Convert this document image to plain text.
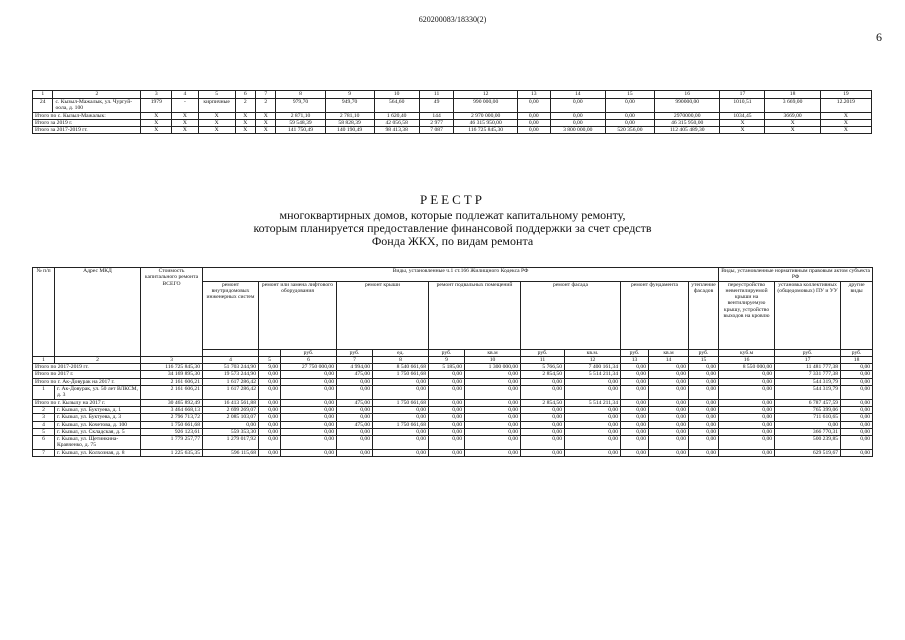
620200083/18330(2)
6
1	2	3	4	5	6	7	8	9	10	11	12	13	14	15	16	17	18	19
24	с. Кызыл-Мажалык, ул. Чургуй-оола, д. 100	1979	-	кирпичные	2	2	979,70	949,70	564,60	49	990 000,00	0,00	0,00	0,00	990000,00	1010,51	3 669,00	12.2019
Итого по с. Кызыл-Мажалык:		X	X	X	X	X	2 871,10	2 781,10	1 620,40	144	2 970 000,00	0,00	0,00	0,00	2970000,00	1034,45	3669,00	X
Итого за 2019 г.		X	X	X	X	X	59 548,39	58 828,39	42 056,58	2 977	46 315 950,00	0,00	0,00	0,00	46 315 950,00	X	X	X
Итого за 2017-2019 гг.		X	X	X	X	X	141 750,49	140 190,49	98 413,38	7 087	116 725 845,30	0,00	3 800 000,00	520 356,00	112 405 489,30	X	X	X
РЕЕСТР
многоквартирных домов, которые подлежат капитальному ремонту,
которым планируется предоставление финансовой поддержки за счет средств
Фонда ЖКХ, по видам ремонта
№ п/п	Адрес МКД	Стоимость капитального ремонта ВСЕГО	Виды, установленные ч.1 ст.166 Жилищного Кодекса РФ												Виды, установленные нормативным правовым актом субъекта РФ			
			ремонт внутридомовых инженерных систем	ремонт или замена лифтового оборудования		ремонт крыши		ремонт подвальных помещений		ремонт фасада		ремонт фундамента		утепление фасадов	переустройство невентилируемой крыши на вентилируемую крышу, устройство выходов на кровлю	установка коллективных (общедомовых) ПУ и УУ	другие виды	
					руб.	руб.	ед.	руб.	кв.м	руб.	кв.м.	руб.	кв.м	руб.	куб.м	руб.	руб.			
1	2	3	4	5	6	7	8	9	10	11	12	13	14	15	16	17	18	
Итого по 2017-2019 гг.		116 725 845,30	51 703 244,90	9,00	27 750 000,00	4 994,00	8 540 661,68	5 185,00	1 300 000,00	5 766,50	7 400 161,34	0,00	0,00	0,00	8 550 000,00	11 481 777,38	0,00	
Итого по 2017 г.		34 169 895,30	19 573 244,90	0,00	0,00	475,00	1 750 661,68	0,00	0,00	2 854,50	5 514 211,34	0,00	0,00	0,00	0,00	7 331 777,38	0,00	
Итого по г. Ак-Довурак на 2017 г.		2 161 606,21	1 617 286,42	0,00	0,00	0,00	0,00	0,00	0,00	0,00	0,00	0,00	0,00	0,00	0,00	544 319,79	0,00	
1	г. Ак-Довурак, ул. 50 лет ВЛКСМ, д. 3	2 161 606,21	1 617 286,42	0,00	0,00	0,00	0,00	0,00	0,00	0,00	0,00	0,00	0,00	0,00	0,00	544 319,79	0,00	
Итого по г. Кызылу на 2017 г.		30 465 892,49	16 413 561,88	0,00	0,00	475,00	1 750 661,68	0,00	0,00	2 854,50	5 514 211,34	0,00	0,00	0,00	0,00	6 787 457,59	0,00	
2	г. Кызыл, ул. Буктуева, д. 1	3 464 668,13	2 699 269,07	0,00	0,00	0,00	0,00	0,00	0,00	0,00	0,00	0,00	0,00	0,00	0,00	765 399,06	0,00	
3	г. Кызыл, ул. Буктуева, д. 3	2 796 713,72	2 085 103,07	0,00	0,00	0,00	0,00	0,00	0,00	0,00	0,00	0,00	0,00	0,00	0,00	711 610,65	0,00	
4	г. Кызыл, ул. Кочетова, д. 100	1 750 661,68	0,00	0,00	0,00	475,00	1 750 661,68	0,00	0,00	0,00	0,00	0,00	0,00	0,00	0,00	0,00	0,00	
5	г. Кызыл, ул. Складская, д. 5	926 123,61	559 353,30	0,00	0,00	0,00	0,00	0,00	0,00	0,00	0,00	0,00	0,00	0,00	0,00	366 770,31	0,00	
6	г. Кызыл, ул. Щетинкина-Кравченко, д. 75	1 779 257,77	1 279 017,92	0,00	0,00	0,00	0,00	0,00	0,00	0,00	0,00	0,00	0,00	0,00	0,00	500 239,85	0,00	
7	г. Кызыл, ул. Колхозная, д. 8	1 225 635,35	596 115,68	0,00	0,00	0,00	0,00	0,00	0,00	0,00	0,00	0,00	0,00	0,00	0,00	629 519,67	0,00	
